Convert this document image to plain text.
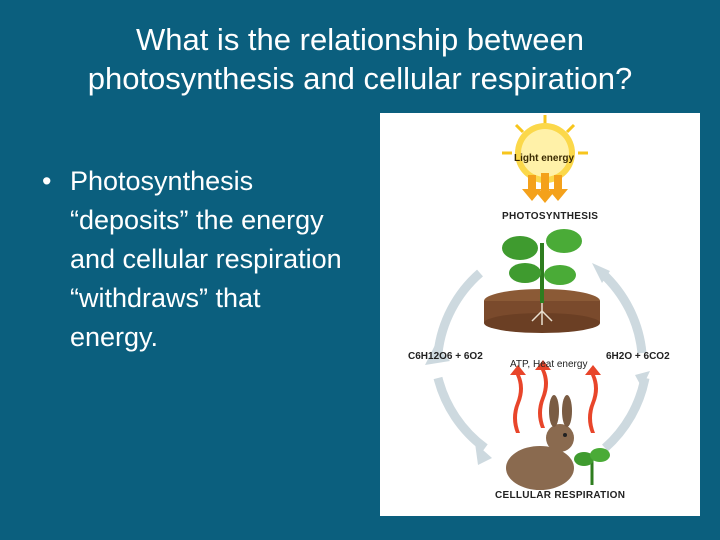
What is the relationship between
photosynthesis and cellular respiration?
• Photosynthesis “deposits” the energy and cellular respiration “withdraws” that energy.
Light energy
PHOTOSYNTHESIS
C6H12O6 + 6O2
ATP, Heat energy
6H2O + 6CO2
CELLULAR RESPIRATION
